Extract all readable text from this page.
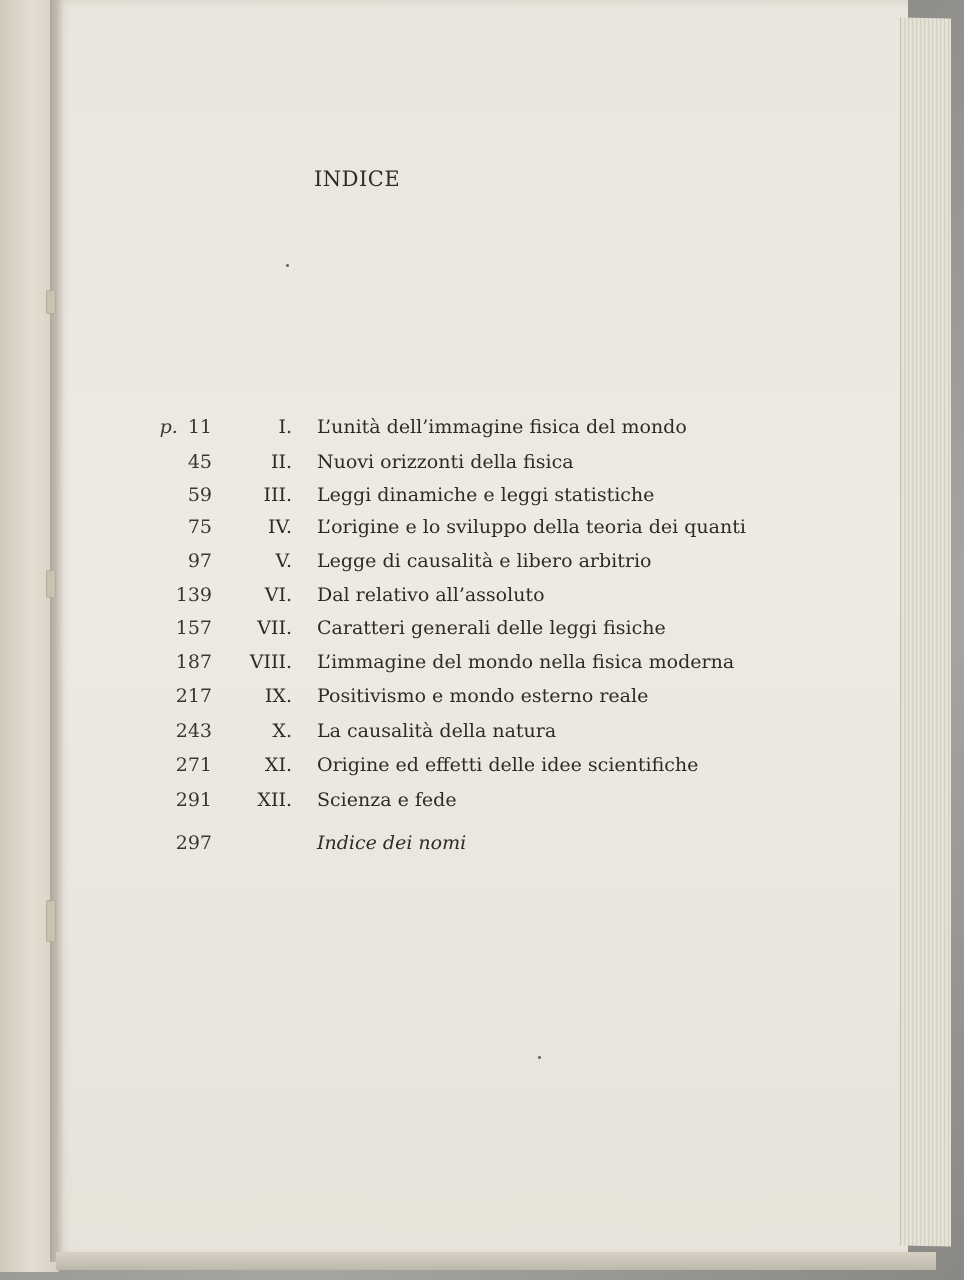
INDICE
p. 11	I. L’unità dell’immagine fisica del mondo
45	II. Nuovi orizzonti della fisica
59	III. Leggi dinamiche e leggi statistiche
75	IV. L’origine e lo sviluppo della teoria dei quanti
97	V. Legge di causalità e libero arbitrio
139	VI. Dal relativo all’assoluto
157	VII. Caratteri generali delle leggi fisiche
187	VIII. L’immagine del mondo nella fisica moderna
217	IX. Positivismo e mondo esterno reale
243	X. La causalità della natura
271	XI. Origine ed effetti delle idee scientifiche
291	XII. Scienza e fede
297	Indice dei nomi
